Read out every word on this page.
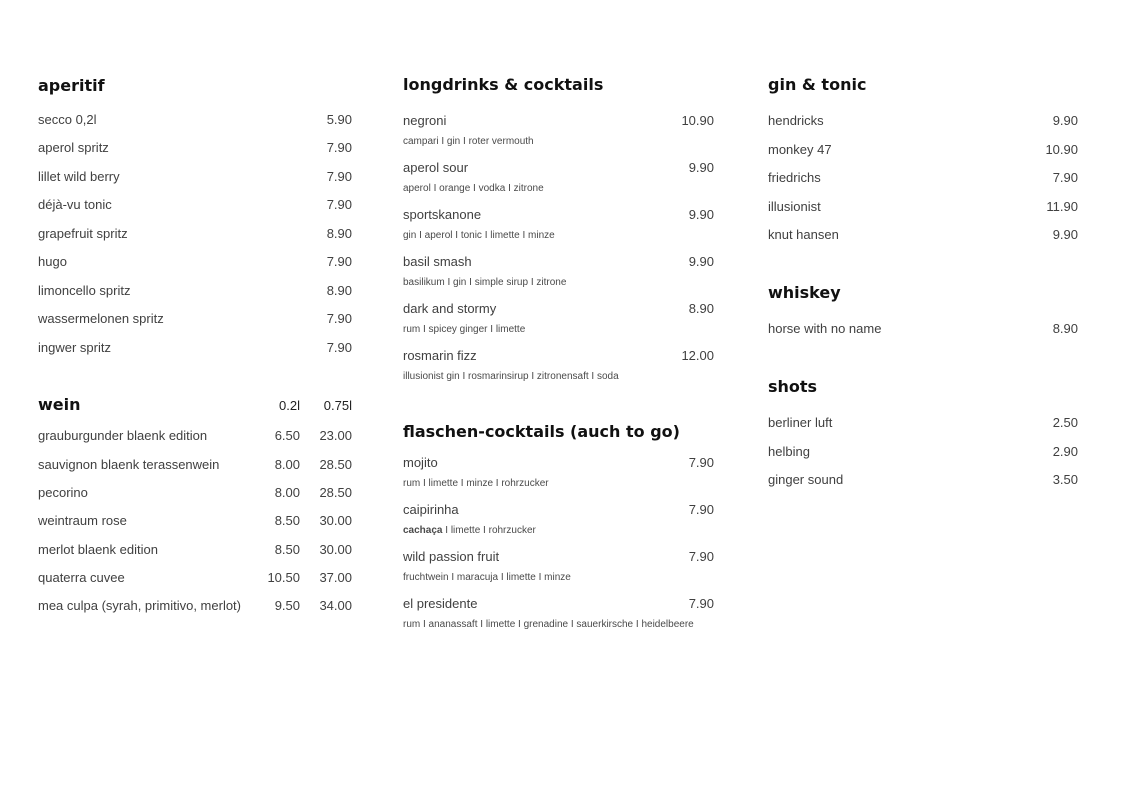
aperitif
secco 0,2l	5.90
aperol spritz	7.90
lillet wild berry	7.90
déjà-vu tonic	7.90
grapefruit spritz	8.90
hugo	7.90
limoncello spritz	8.90
wassermelonen spritz	7.90
ingwer spritz	7.90
wein	0.2l 0.75l
grauburgunder blaenk edition	6.50 23.00
sauvignon blaenk terassenwein	8.00 28.50
pecorino	8.00 28.50
weintraum rose	8.50 30.00
merlot blaenk edition	8.50 30.00
quaterra cuvee	10.50 37.00
mea culpa (syrah, primitivo, merlot)	9.50 34.00
longdrinks & cocktails
negroni	10.90
campari I gin I roter vermouth
aperol sour	9.90
aperol I orange I vodka I zitrone
sportskanone	9.90
gin I aperol I tonic I limette I minze
basil smash	9.90
basilikum I gin I simple sirup I zitrone
dark and stormy	8.90
rum I spicey ginger I limette
rosmarin fizz	12.00
illusionist gin I rosmarinsirup I zitronensaft I soda
flaschen-cocktails (auch to go)
mojito	7.90
rum I limette I minze I rohrzucker
caipirinha	7.90
cachaça I limette I rohrzucker
wild passion fruit	7.90
fruchtwein I maracuja I limette I minze
el presidente	7.90
rum I ananassaft I limette I grenadine I sauerkirsche I heidelbeere
gin & tonic
hendricks	9.90
monkey 47	10.90
friedrichs	7.90
illusionist	11.90
knut hansen	9.90
whiskey
horse with no name	8.90
shots
berliner luft	2.50
helbing	2.90
ginger sound	3.50
